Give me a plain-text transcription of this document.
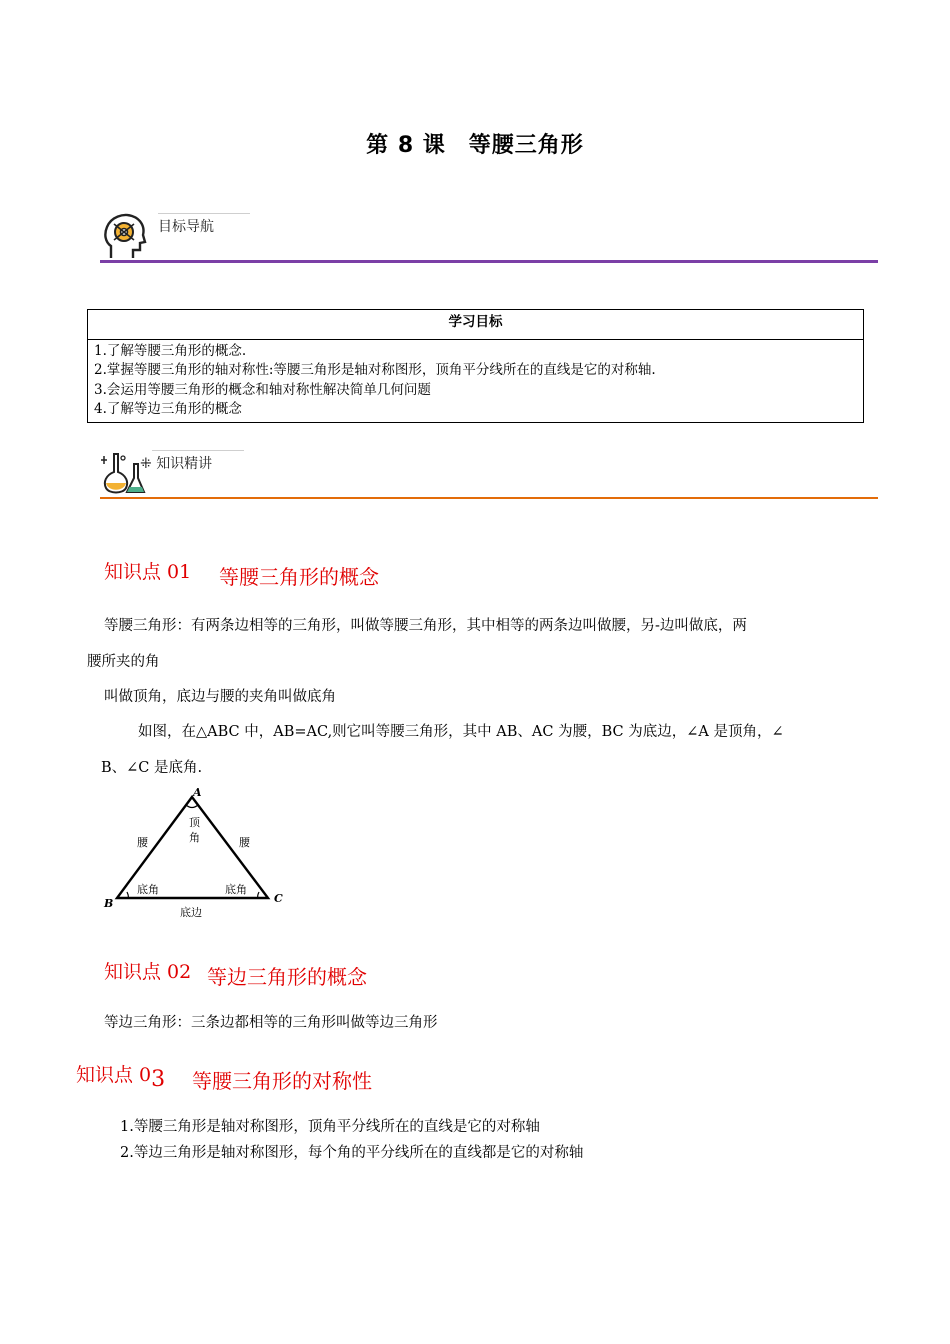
第 8 课　等腰三角形
目标导航
学习目标

1.了解等腰三角形的概念.
2.掌握等腰三角形的轴对称性:等腰三角形是轴对称图形，顶角平分线所在的直线是它的对称轴.
3.会运用等腰三角形的概念和轴对称性解决简单几何问题
4.了解等边三角形的概念
⁜ 知识精讲
知识点 01 等腰三角形的概念
等腰三角形：有两条边相等的三角形，叫做等腰三角形，其中相等的两条边叫做腰，另-边叫做底，两
腰所夹的角
叫做顶角，底边与腰的夹角叫做底角
如图，在△ABC 中，AB=AC,则它叫等腰三角形，其中 AB、AC 为腰，BC 为底边，∠A 是顶角，∠
B、∠C 是底角.
A
B	C
顶
角
腰	腰
底角	底角
底边
知识点 02 等边三角形的概念
等边三角形：三条边都相等的三角形叫做等边三角形
知识点 03 等腰三角形的对称性
1.等腰三角形是轴对称图形，顶角平分线所在的直线是它的对称轴
2.等边三角形是轴对称图形，每个角的平分线所在的直线都是它的对称轴
